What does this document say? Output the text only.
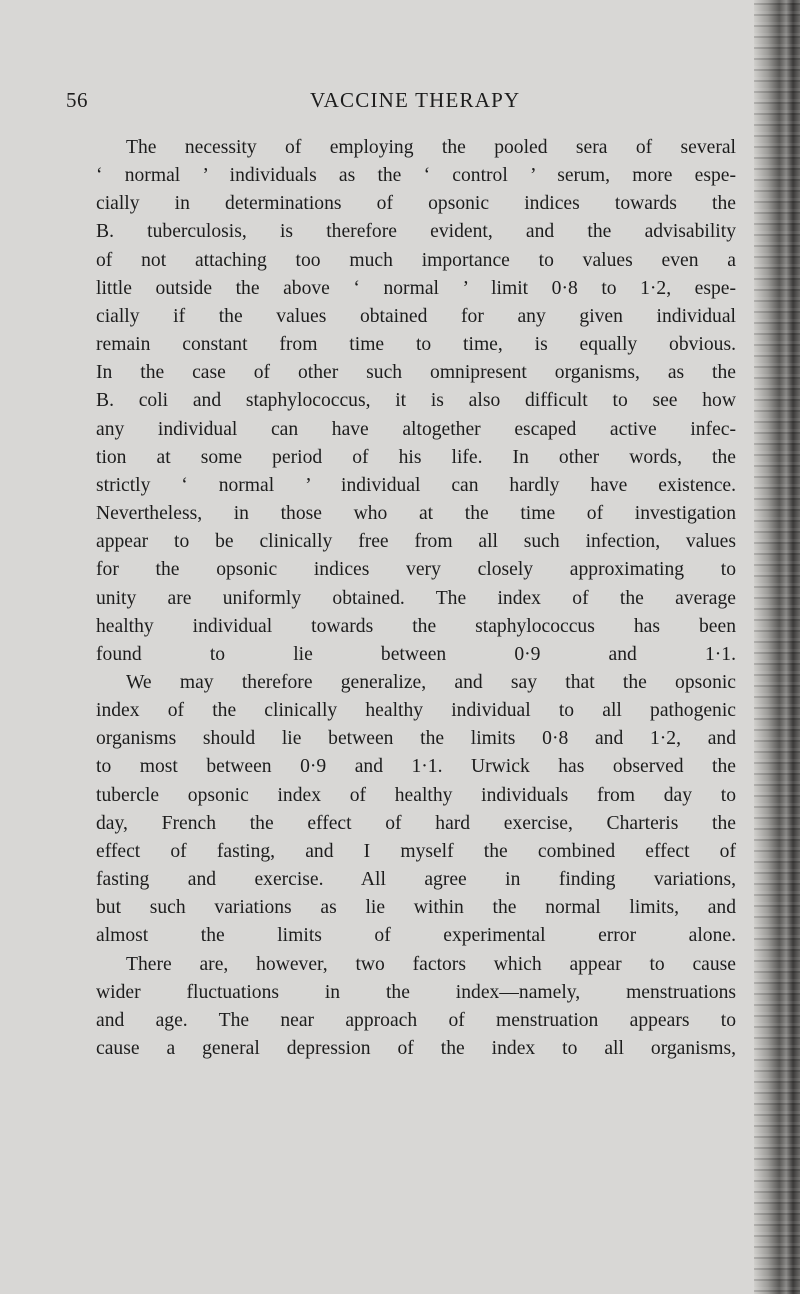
56	VACCINE THERAPY

The necessity of employing the pooled sera of several
‘ normal ’ individuals as the ‘ control ’ serum, more espe-
cially in determinations of opsonic indices towards the
B. tuberculosis, is therefore evident, and the advisability
of not attaching too much importance to values even a
little outside the above ‘ normal ’ limit 0·8 to 1·2, espe-
cially if the values obtained for any given individual
remain constant from time to time, is equally obvious.
In the case of other such omnipresent organisms, as the
B. coli and staphylococcus, it is also difficult to see how
any individual can have altogether escaped active infec-
tion at some period of his life. In other words, the
strictly ‘ normal ’ individual can hardly have existence.
Nevertheless, in those who at the time of investigation
appear to be clinically free from all such infection, values
for the opsonic indices very closely approximating to
unity are uniformly obtained. The index of the average
healthy individual towards the staphylococcus has been
found to lie between 0·9 and 1·1.

We may therefore generalize, and say that the opsonic
index of the clinically healthy individual to all pathogenic
organisms should lie between the limits 0·8 and 1·2, and
to most between 0·9 and 1·1. Urwick has observed the
tubercle opsonic index of healthy individuals from day to
day, French the effect of hard exercise, Charteris the
effect of fasting, and I myself the combined effect of
fasting and exercise. All agree in finding variations,
but such variations as lie within the normal limits, and
almost the limits of experimental error alone.

There are, however, two factors which appear to cause
wider fluctuations in the index—namely, menstruations
and age. The near approach of menstruation appears to
cause a general depression of the index to all organisms,
